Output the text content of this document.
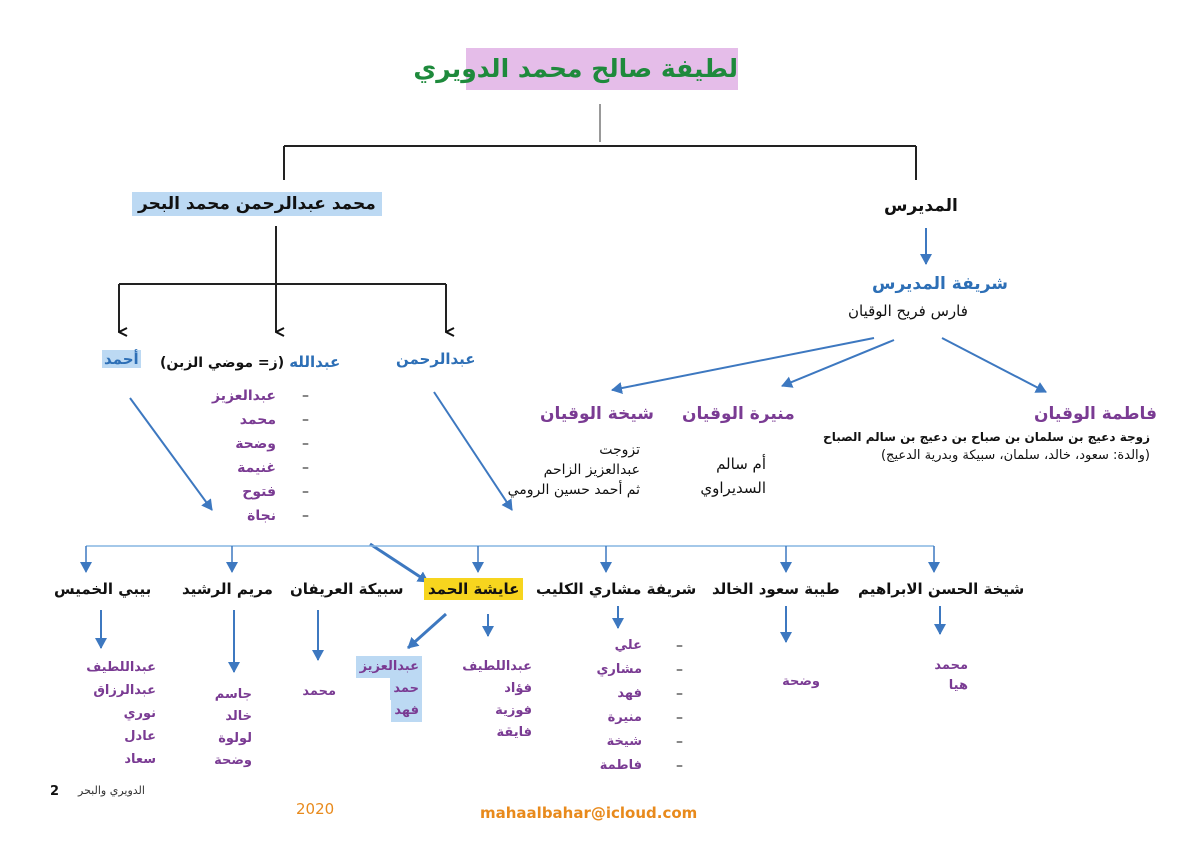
لطيفة صالح محمد الدويري
محمد عبدالرحمن محمد البحر	المديرس
شريفة المديرس
فارس فريح الوقيان
أحمد	عبدالله (ز= موضي الزبن)	عبدالرحمن
عبدالعزيز
محمد
وضحة
غنيمة
فتوح
نجاة
–
–
–
–
–
–
شيخة الوقيان
تزوجت
عبدالعزيز الزاحم
ثم أحمد حسين الرومي
منيرة الوقيان
أم سالم
السديراوي
فاطمة الوقيان
زوجة دعيج بن سلمان بن صباح بن دعيج بن سالم الصباح
(والدة: سعود، خالد، سلمان، سبيكة وبدرية الدعيج)
شيخة الحسن الابراهيم
طيبة سعود الخالد
شريفة مشاري الكليب
عايشة الحمد
سبيكة العريفان
مريم الرشيد
بيبي الخميس
محمد
هيا
وضحة
علي
مشاري
فهد
منيرة
شيخة
فاطمة
–
–
–
–
–
–
عبداللطيف
فؤاد
فوزية
فايقة
عبدالعزيز
حمد
فهد
محمد
جاسم
خالد
لولوة
وضحة
عبداللطيف
عبدالرزاق
نوري
عادل
سعاد
2 الدويري والبحر
2020	mahaalbahar@icloud.com
